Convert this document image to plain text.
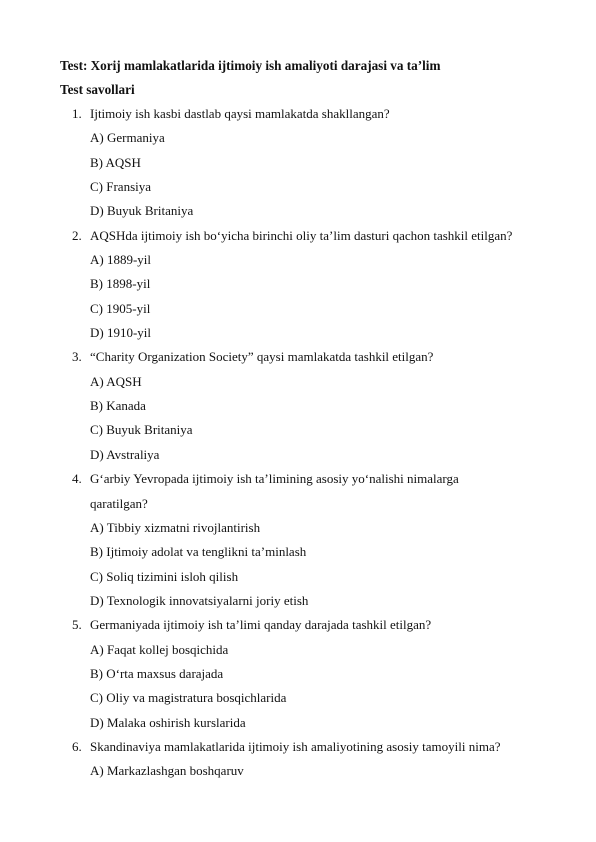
Test: Xorij mamlakatlarida ijtimoiy ish amaliyoti darajasi va ta’lim
Test savollari
1. Ijtimoiy ish kasbi dastlab qaysi mamlakatda shakllangan?
A) Germaniya
B) AQSH
C) Fransiya
D) Buyuk Britaniya
2. AQSHda ijtimoiy ish bo‘yicha birinchi oliy ta’lim dasturi qachon tashkil etilgan?
A) 1889-yil
B) 1898-yil
C) 1905-yil
D) 1910-yil
3. “Charity Organization Society” qaysi mamlakatda tashkil etilgan?
A) AQSH
B) Kanada
C) Buyuk Britaniya
D) Avstraliya
4. G‘arbiy Yevropada ijtimoiy ish ta’limining asosiy yo‘nalishi nimalarga
qaratilgan?
A) Tibbiy xizmatni rivojlantirish
B) Ijtimoiy adolat va tenglikni ta’minlash
C) Soliq tizimini isloh qilish
D) Texnologik innovatsiyalarni joriy etish
5. Germaniyada ijtimoiy ish ta’limi qanday darajada tashkil etilgan?
A) Faqat kollej bosqichida
B) O‘rta maxsus darajada
C) Oliy va magistratura bosqichlarida
D) Malaka oshirish kurslarida
6. Skandinaviya mamlakatlarida ijtimoiy ish amaliyotining asosiy tamoyili nima?
A) Markazlashgan boshqaruv
